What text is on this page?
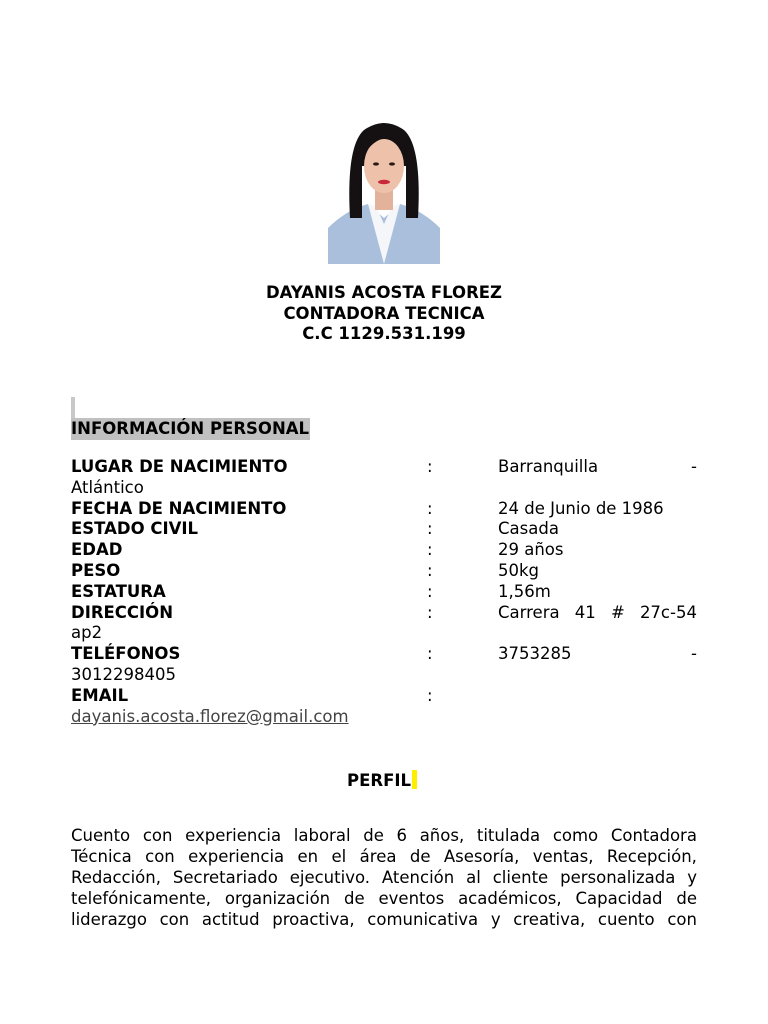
DAYANIS ACOSTA FLOREZ
CONTADORA TECNICA
C.C 1129.531.199
INFORMACIÓN PERSONAL
LUGAR DE NACIMIENTO	:	Barranquilla	-
Atlántico
FECHA DE NACIMIENTO	:	24 de Junio de 1986
ESTADO CIVIL	:	Casada
EDAD	:	29 años
PESO	:	50kg
ESTATURA	:	1,56m
DIRECCIÓN	:	Carrera 41 # 27c-54
ap2
TELÉFONOS	:	3753285	-
3012298405
EMAIL	:
dayanis.acosta.florez@gmail.com
PERFIL
Cuento con experiencia laboral de 6 años, titulada como Contadora
Técnica con experiencia en el área de Asesoría, ventas, Recepción,
Redacción, Secretariado ejecutivo. Atención al cliente personalizada y
telefónicamente, organización de eventos académicos, Capacidad de
liderazgo con actitud proactiva, comunicativa y creativa, cuento con
